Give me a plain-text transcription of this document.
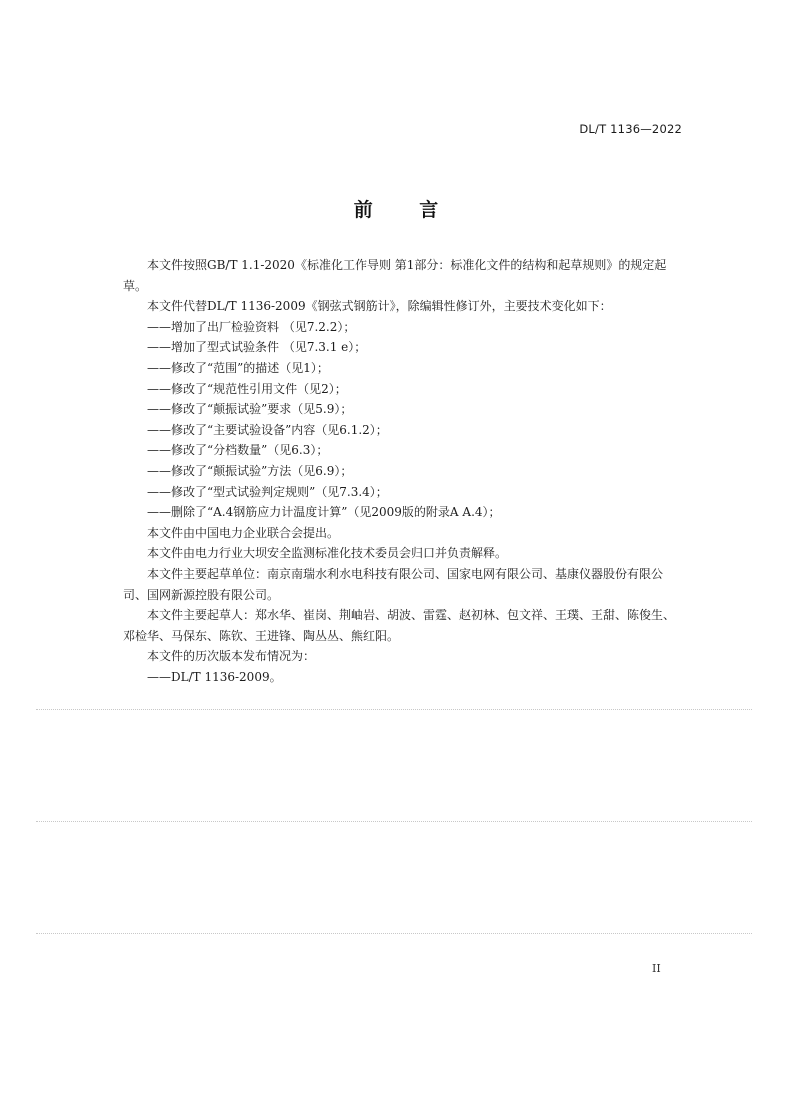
DL/T 1136—2022
前 言

本文件按照GB/T 1.1-2020《标准化工作导则 第1部分：标准化文件的结构和起草规则》的规定起草。

本文件代替DL/T 1136-2009《钢弦式钢筋计》，除编辑性修订外，主要技术变化如下：

——增加了出厂检验资料 （见7.2.2）；

——增加了型式试验条件 （见7.3.1 e）；

——修改了“范围”的描述（见1）；

——修改了“规范性引用文件（见2）；

——修改了“颠振试验”要求（见5.9）；

——修改了“主要试验设备”内容（见6.1.2）；

——修改了“分档数量”（见6.3）；

——修改了“颠振试验”方法（见6.9）；

——修改了“型式试验判定规则”（见7.3.4）；

——删除了“A.4钢筋应力计温度计算”（见2009版的附录A A.4）；

本文件由中国电力企业联合会提出。

本文件由电力行业大坝安全监测标准化技术委员会归口并负责解释。

本文件主要起草单位：南京南瑞水利水电科技有限公司、国家电网有限公司、基康仪器股份有限公司、国网新源控股有限公司。

本文件主要起草人：郑水华、崔岗、荆岫岩、胡波、雷霆、赵初林、包文祥、王璞、王甜、陈俊生、邓检华、马保东、陈钦、王进锋、陶丛丛、熊红阳。

本文件的历次版本发布情况为：

——DL/T 1136-2009。

II
